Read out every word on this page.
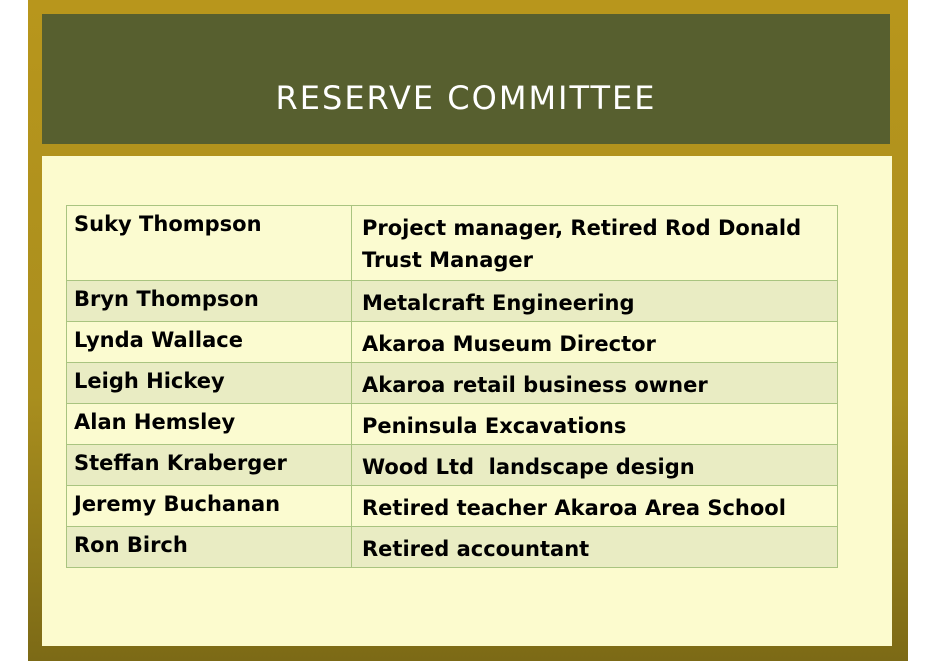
RESERVE COMMITTEE
Suky Thompson	Project manager, Retired Rod Donald Trust Manager
Bryn Thompson	Metalcraft Engineering
Lynda Wallace	Akaroa Museum Director
Leigh Hickey	Akaroa retail business owner
Alan Hemsley	Peninsula Excavations
Steffan Kraberger	Wood Ltd  landscape design
Jeremy Buchanan	Retired teacher Akaroa Area School
Ron Birch	Retired accountant
